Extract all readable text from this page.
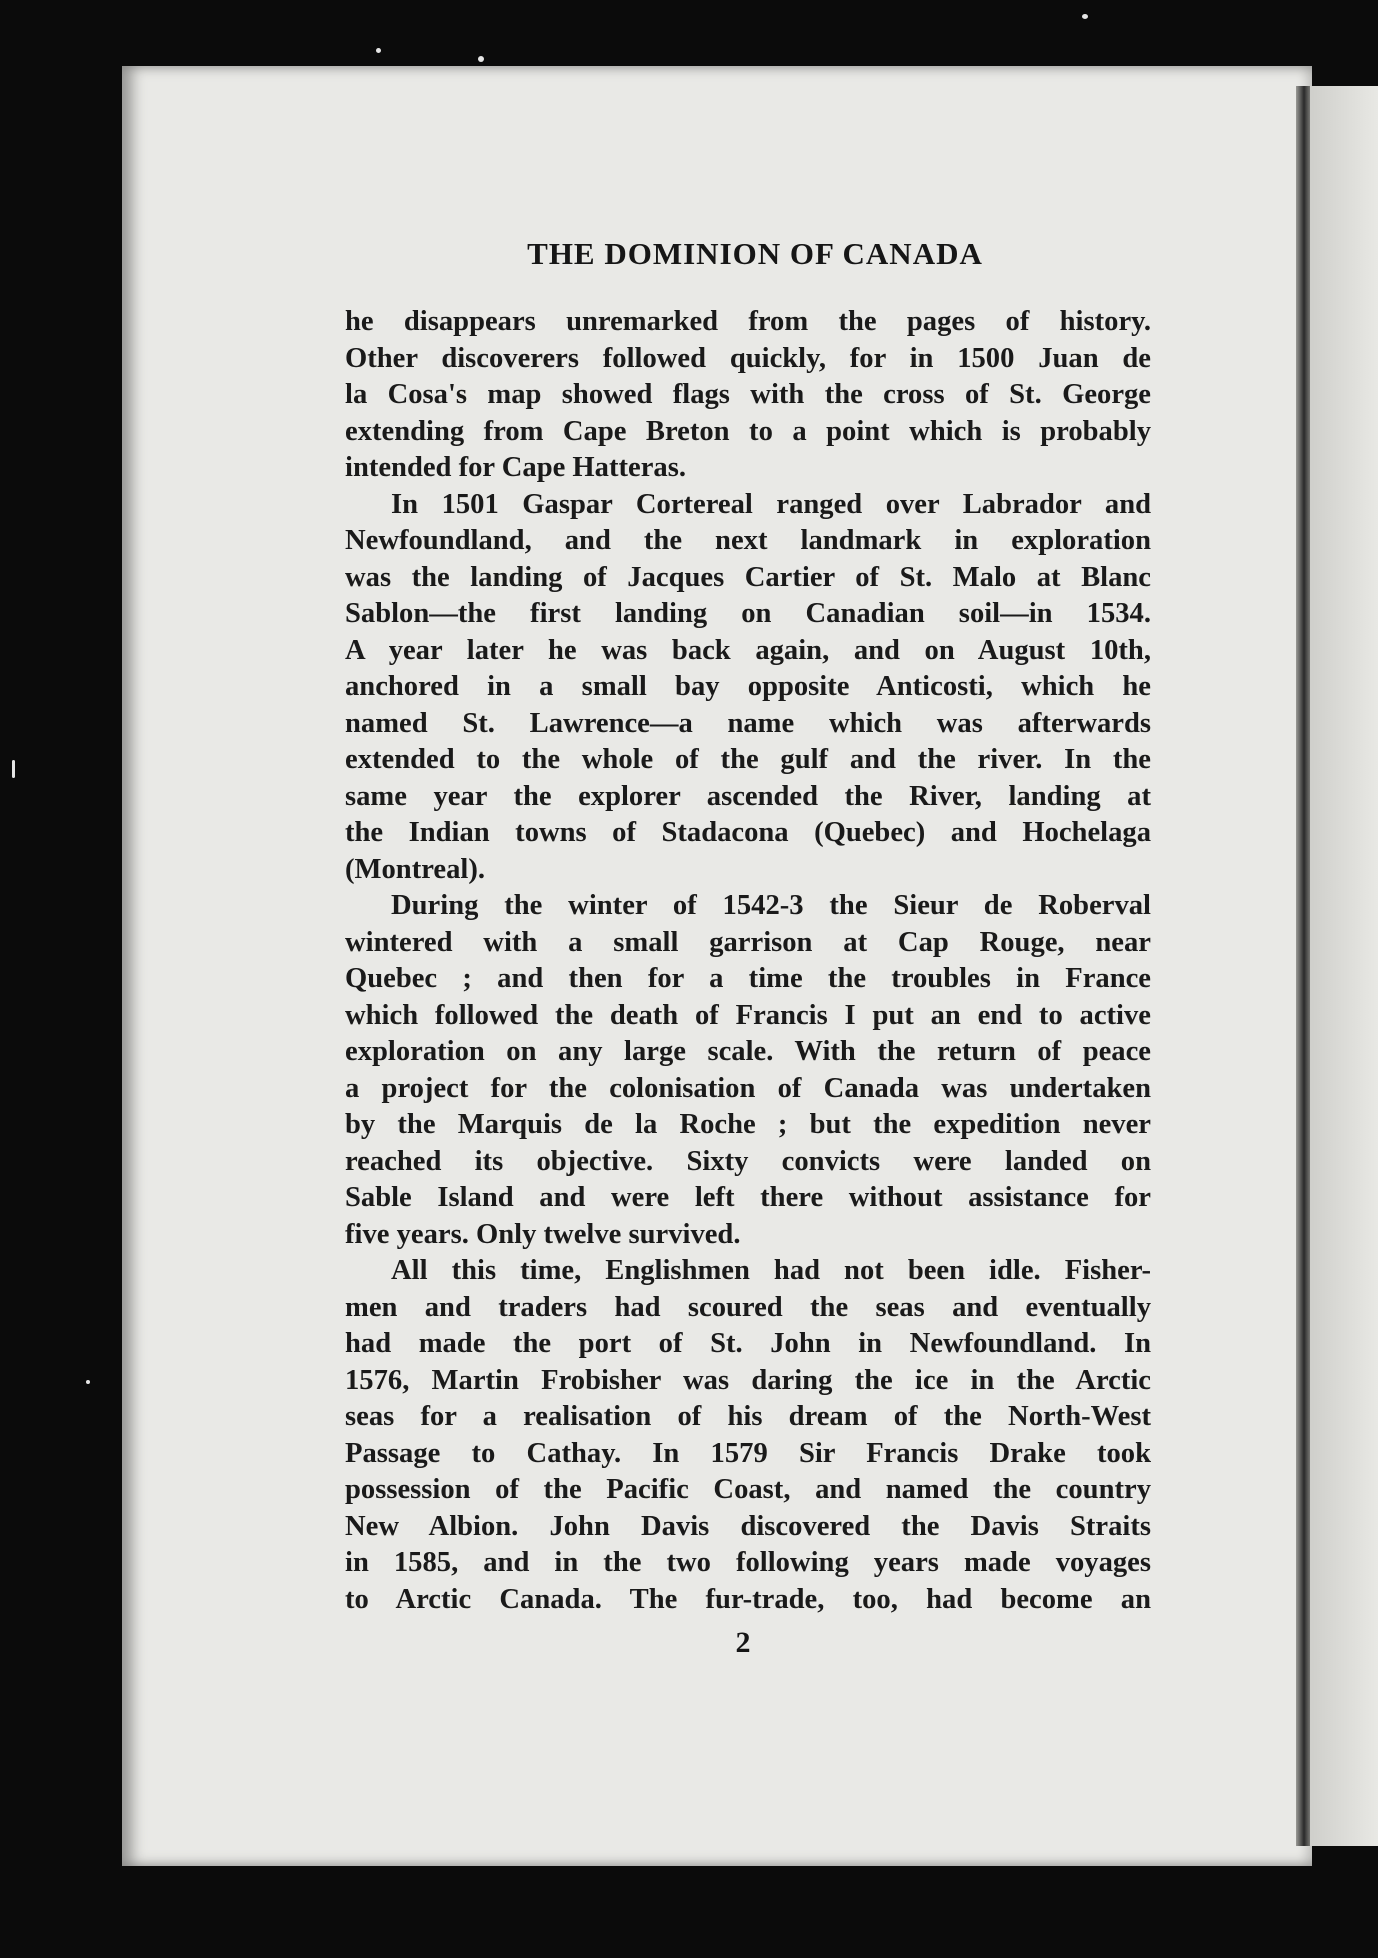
THE DOMINION OF CANADA

he disappears unremarked from the pages of history.

Other discoverers followed quickly, for in 1500 Juan de

la Cosa's map showed flags with the cross of St. George

extending from Cape Breton to a point which is probably

intended for Cape Hatteras.

In 1501 Gaspar Cortereal ranged over Labrador and

Newfoundland, and the next landmark in exploration

was the landing of Jacques Cartier of St. Malo at Blanc

Sablon—the first landing on Canadian soil—in 1534.

A year later he was back again, and on August 10th,

anchored in a small bay opposite Anticosti, which he

named St. Lawrence—a name which was afterwards

extended to the whole of the gulf and the river. In the

same year the explorer ascended the River, landing at

the Indian towns of Stadacona (Quebec) and Hochelaga

(Montreal).

During the winter of 1542-3 the Sieur de Roberval

wintered with a small garrison at Cap Rouge, near

Quebec ; and then for a time the troubles in France

which followed the death of Francis I put an end to active

exploration on any large scale. With the return of peace

a project for the colonisation of Canada was undertaken

by the Marquis de la Roche ; but the expedition never

reached its objective. Sixty convicts were landed on

Sable Island and were left there without assistance for

five years. Only twelve survived.

All this time, Englishmen had not been idle. Fisher-

men and traders had scoured the seas and eventually

had made the port of St. John in Newfoundland. In

1576, Martin Frobisher was daring the ice in the Arctic

seas for a realisation of his dream of the North-West

Passage to Cathay. In 1579 Sir Francis Drake took

possession of the Pacific Coast, and named the country

New Albion. John Davis discovered the Davis Straits

in 1585, and in the two following years made voyages

to Arctic Canada. The fur-trade, too, had become an

2
